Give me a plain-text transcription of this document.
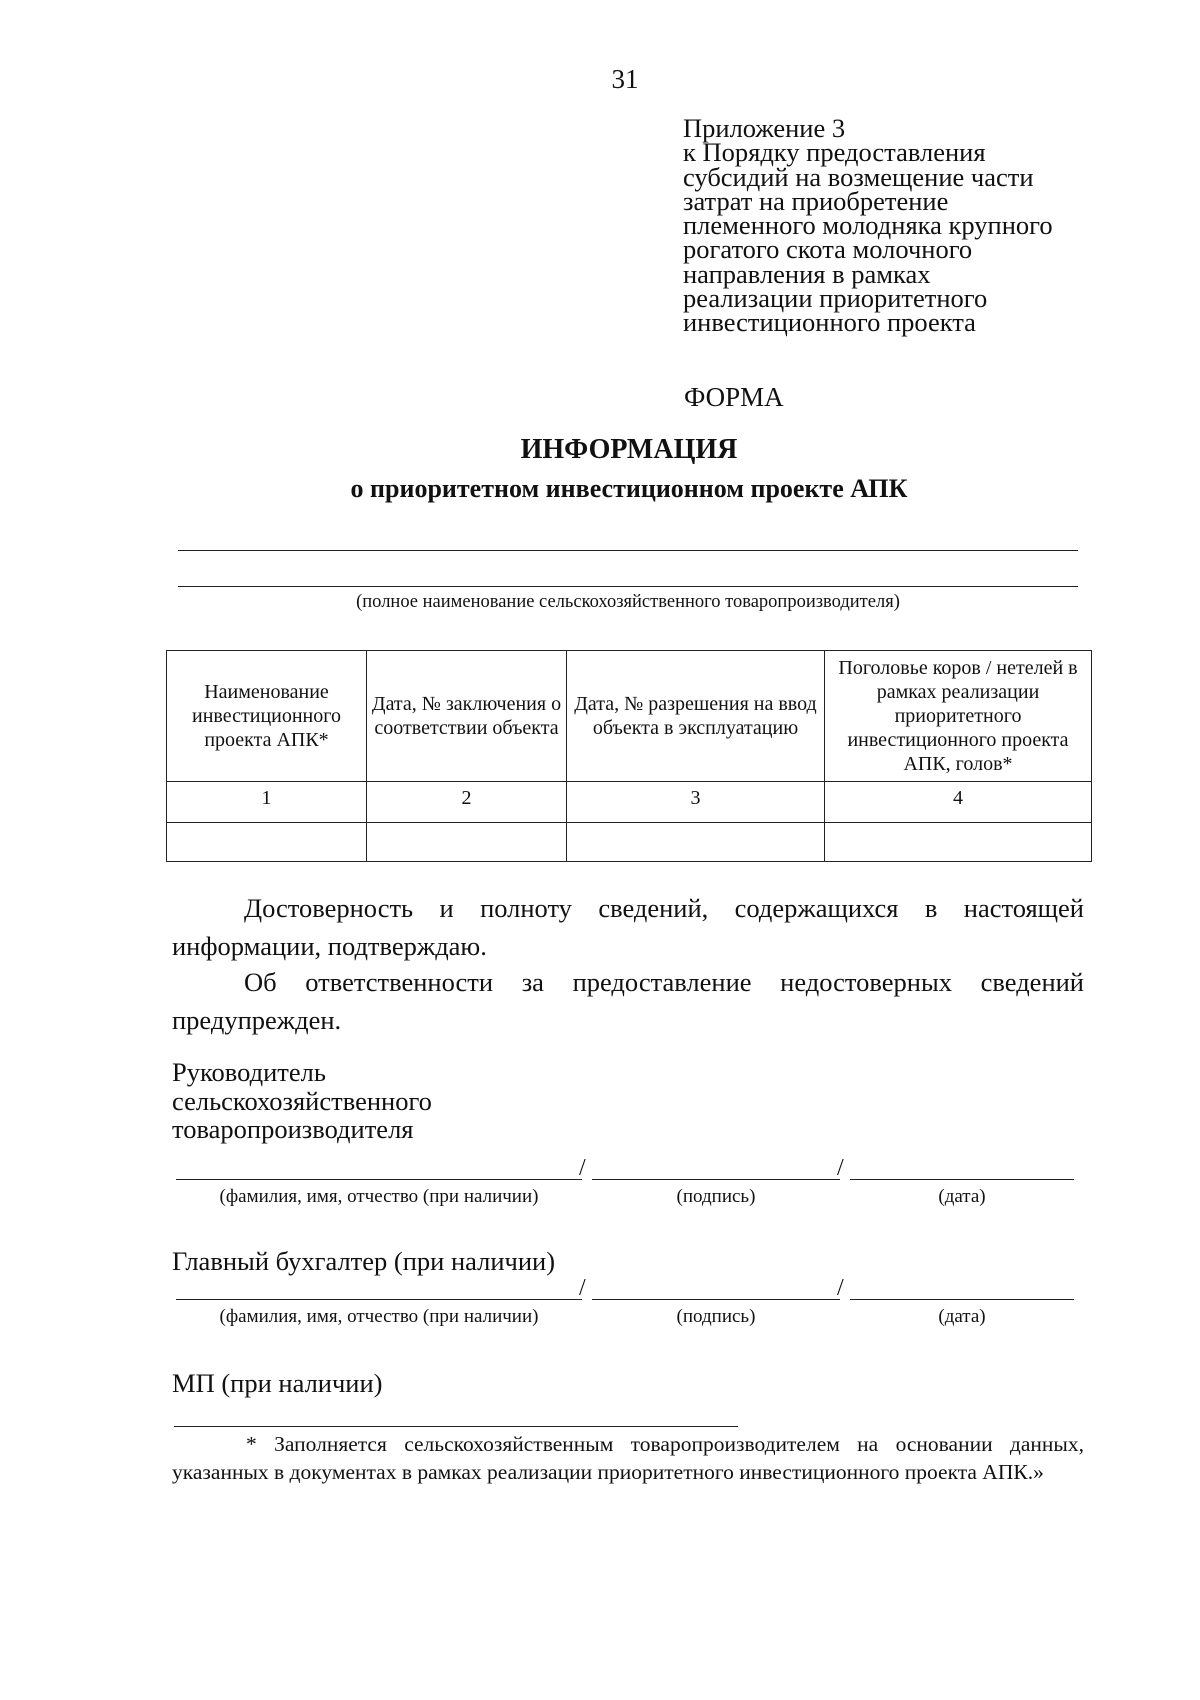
31
Приложение 3
к Порядку предоставления
субсидий на возмещение части
затрат на приобретение
племенного молодняка крупного
рогатого скота молочного
направления в рамках
реализации приоритетного
инвестиционного проекта
ФОРМА
ИНФОРМАЦИЯ
о приоритетном инвестиционном проекте АПК
(полное наименование сельскохозяйственного товаропроизводителя)
Наименование инвестиционного проекта АПК*	Дата, № заключения о соответствии объекта	Дата, № разрешения на ввод объекта в эксплуатацию	Поголовье коров / нетелей в рамках реализации приоритетного инвестиционного проекта АПК, голов*
1	2	3	4

Достоверность и полноту сведений, содержащихся в настоящей информации, подтверждаю.
Об ответственности за предоставление недостоверных сведений предупрежден.
Руководитель
сельскохозяйственного
товаропроизводителя
/	/
(фамилия, имя, отчество (при наличии)	(подпись)	(дата)
Главный бухгалтер (при наличии)
/	/
(фамилия, имя, отчество (при наличии)	(подпись)	(дата)
МП (при наличии)
* Заполняется сельскохозяйственным товаропроизводителем на основании данных, указанных в документах в рамках реализации приоритетного инвестиционного проекта АПК.»
